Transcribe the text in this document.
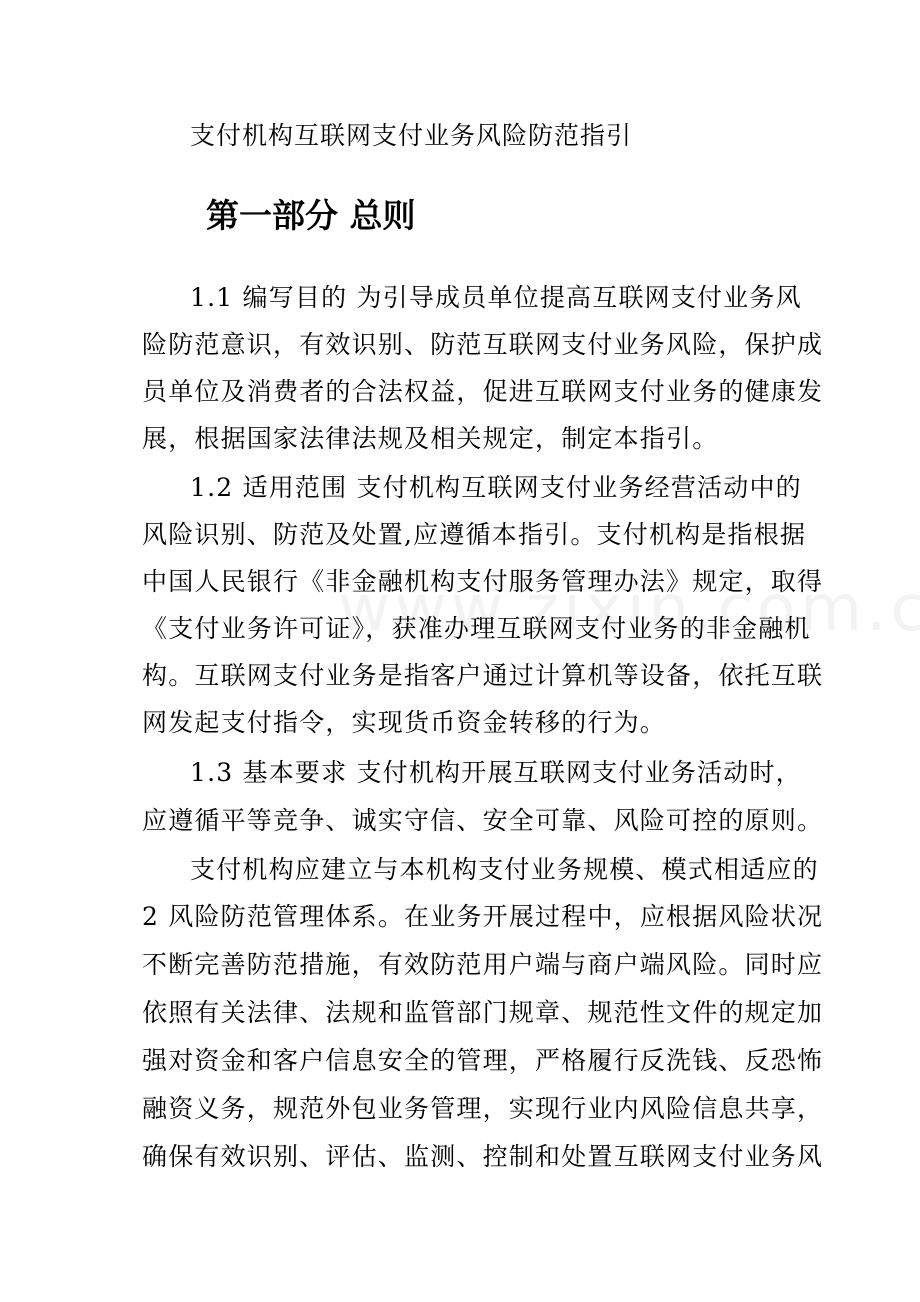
支付机构互联网支付业务风险防范指引
第一部分 总则
1.1 编写目的 为引导成员单位提高互联网支付业务风
险防范意识，有效识别、防范互联网支付业务风险，保护成
员单位及消费者的合法权益，促进互联网支付业务的健康发
展，根据国家法律法规及相关规定，制定本指引。
1.2 适用范围 支付机构互联网支付业务经营活动中的
风险识别、防范及处置,应遵循本指引。支付机构是指根据
中国人民银行《非金融机构支付服务管理办法》规定，取得
《支付业务许可证》，获准办理互联网支付业务的非金融机
构。互联网支付业务是指客户通过计算机等设备，依托互联
网发起支付指令，实现货币资金转移的行为。
1.3 基本要求 支付机构开展互联网支付业务活动时，
应遵循平等竞争、诚实守信、安全可靠、风险可控的原则。
支付机构应建立与本机构支付业务规模、模式相适应的
2 风险防范管理体系。在业务开展过程中，应根据风险状况
不断完善防范措施，有效防范用户端与商户端风险。同时应
依照有关法律、法规和监管部门规章、规范性文件的规定加
强对资金和客户信息安全的管理，严格履行反洗钱、反恐怖
融资义务，规范外包业务管理，实现行业内风险信息共享，
确保有效识别、评估、监测、控制和处置互联网支付业务风
